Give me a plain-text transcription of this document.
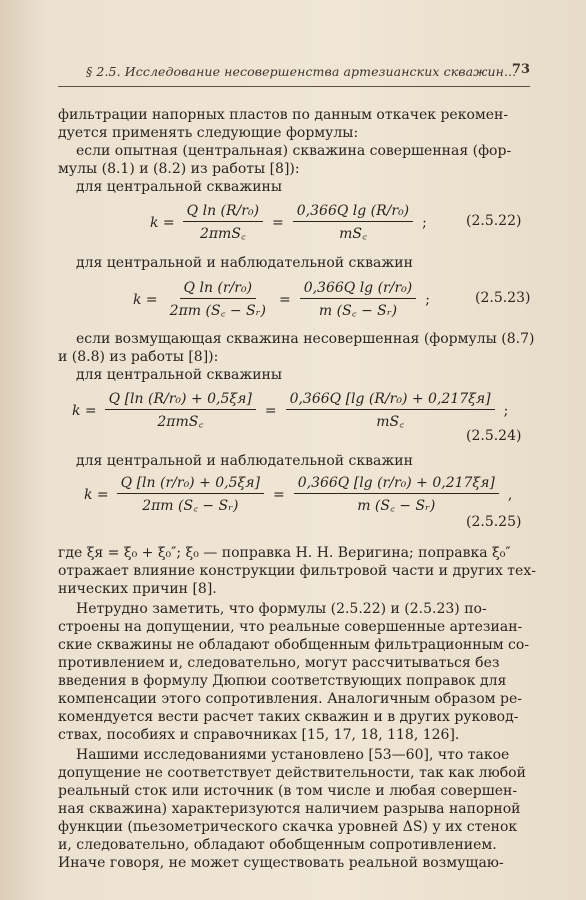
§ 2.5. Исследование несовершенства артезианских скважин...
73
фильтрации напорных пластов по данным откачек рекомен-
дуется применять следующие формулы:
если опытная (центральная) скважина совершенная (фор-
мулы (8.1) и (8.2) из работы [8]):
для центральной скважины
$k = \frac{\text{Q ln (R/r₀)}}{\text{2πmS꜀}} = \frac{\text{0,366Q lg (R/r₀)}}{mS꜀}$ ;	(2.5.22)
для центральной и наблюдательной скважин
$k = \frac{\text{Q ln (r/r₀)}}{\text{2πm (S꜀ − Sᵣ)}} = \frac{\text{0,366Q lg (r/r₀)}}{\text{m (S꜀ − Sᵣ)}}$ ;	(2.5.23)
если возмущающая скважина несовершенная (формулы (8.7)
и (8.8) из работы [8]):
для центральной скважины
$k = \frac{\text{Q [ln (R/r₀) + 0,5ξя]}}{\text{2πmS꜀}} = \frac{\text{0,366Q [lg (R/r₀) + 0,217ξя]}}{mS꜀}$ ;
(2.5.24)
для центральной и наблюдательной скважин
$k = \frac{\text{Q [ln (r/r₀) + 0,5ξя]}}{\text{2πm (S꜀ − Sᵣ)}} = \frac{\text{0,366Q [lg (r/r₀) + 0,217ξя]}}{\text{m (S꜀ − Sᵣ)}}$ ,
(2.5.25)
где ξя = ξ₀ + ξ₀″; ξ₀ — поправка Н. Н. Веригина; поправка ξ₀″
отражает влияние конструкции фильтровой части и других тех-
нических причин [8].
Нетрудно заметить, что формулы (2.5.22) и (2.5.23) по-
строены на допущении, что реальные совершенные артезиан-
ские скважины не обладают обобщенным фильтрационным со-
противлением и, следовательно, могут рассчитываться без
введения в формулу Дюпюи соответствующих поправок для
компенсации этого сопротивления. Аналогичным образом ре-
комендуется вести расчет таких скважин и в других руковод-
ствах, пособиях и справочниках [15, 17, 18, 118, 126].
Нашими исследованиями установлено [53—60], что такое
допущение не соответствует действительности, так как любой
реальный сток или источник (в том числе и любая совершен-
ная скважина) характеризуются наличием разрыва напорной
функции (пьезометрического скачка уровней ΔS) у их стенок
и, следовательно, обладают обобщенным сопротивлением.
Иначе говоря, не может существовать реальной возмущаю-
